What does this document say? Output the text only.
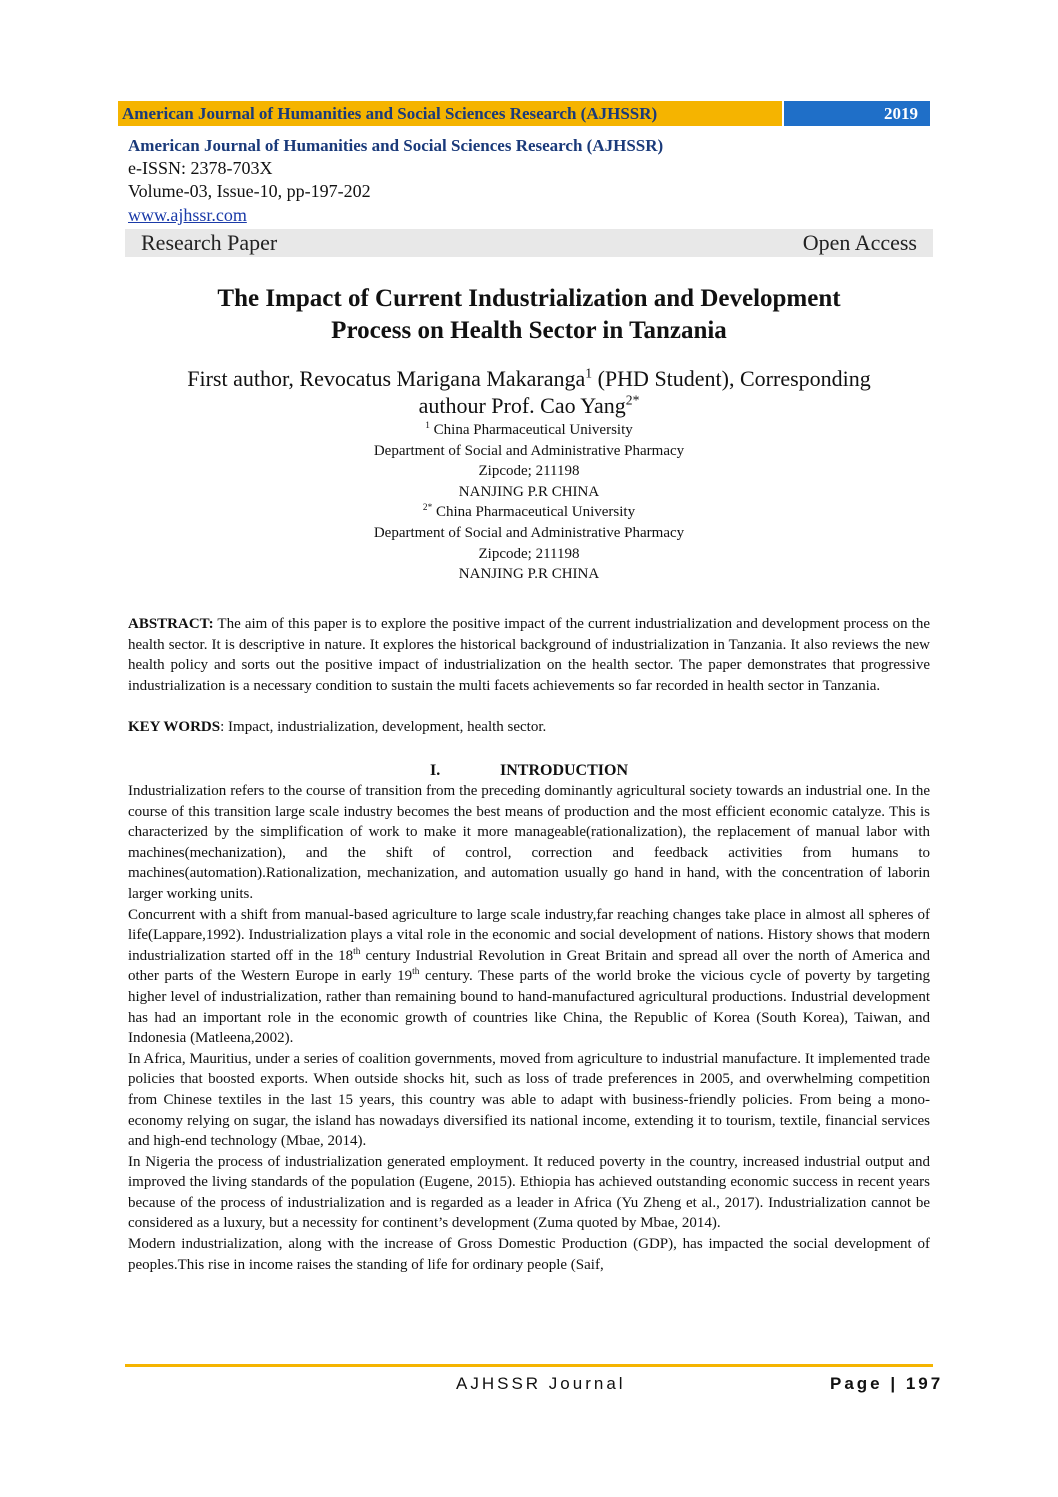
American Journal of Humanities and Social Sciences Research (AJHSSR)	2019
American Journal of Humanities and Social Sciences Research (AJHSSR)
e-ISSN: 2378-703X
Volume-03, Issue-10, pp-197-202
www.ajhssr.com
Research Paper	Open Access
The Impact of Current Industrialization and Development
Process on Health Sector in Tanzania
First author, Revocatus Marigana Makaranga$^1$ (PHD Student), Corresponding
authour Prof. Cao Yang$^{2*}$
$^1$ China Pharmaceutical University
Department of Social and Administrative Pharmacy
Zipcode; 211198
NANJING P.R CHINA
$^{2*}$ China Pharmaceutical University
Department of Social and Administrative Pharmacy
Zipcode; 211198
NANJING P.R CHINA
ABSTRACT: The aim of this paper is to explore the positive impact of the current industrialization and development process on the health sector. It is descriptive in nature. It explores the historical background of industrialization in Tanzania. It also reviews the new health policy and sorts out the positive impact of industrialization on the health sector. The paper demonstrates that progressive industrialization is a necessary condition to sustain the multi facets achievements so far recorded in health sector in Tanzania.
KEY WORDS: Impact, industrialization, development, health sector.
I.	INTRODUCTION

Industrialization refers to the course of transition from the preceding dominantly agricultural society towards an industrial one. In the course of this transition large scale industry becomes the best means of production and the most efficient economic catalyze. This is characterized by the simplification of work to make it more manageable(rationalization), the replacement of manual labor with machines(mechanization), and the shift of control, correction and feedback activities from humans to machines(automation).Rationalization, mechanization, and automation usually go hand in hand, with the concentration of laborin larger working units.

Concurrent with a shift from manual-based agriculture to large scale industry,far reaching changes take place in almost all spheres of life(Lappare,1992). Industrialization plays a vital role in the economic and social development of nations. History shows that modern industrialization started off in the 18th century Industrial Revolution in Great Britain and spread all over the north of America and other parts of the Western Europe in early 19th century. These parts of the world broke the vicious cycle of poverty by targeting higher level of industrialization, rather than remaining bound to hand-manufactured agricultural productions. Industrial development has had an important role in the economic growth of countries like China, the Republic of Korea (South Korea), Taiwan, and Indonesia (Matleena,2002).

In Africa, Mauritius, under a series of coalition governments, moved from agriculture to industrial manufacture. It implemented trade policies that boosted exports. When outside shocks hit, such as loss of trade preferences in 2005, and overwhelming competition from Chinese textiles in the last 15 years, this country was able to adapt with business-friendly policies. From being a mono-economy relying on sugar, the island has nowadays diversified its national income, extending it to tourism, textile, financial services and high-end technology (Mbae, 2014).

In Nigeria the process of industrialization generated employment. It reduced poverty in the country, increased industrial output and improved the living standards of the population (Eugene, 2015). Ethiopia has achieved outstanding economic success in recent years because of the process of industrialization and is regarded as a leader in Africa (Yu Zheng et al., 2017). Industrialization cannot be considered as a luxury, but a necessity for continent’s development (Zuma quoted by Mbae, 2014).

Modern industrialization, along with the increase of Gross Domestic Production (GDP), has impacted the social development of peoples.This rise in income raises the standing of life for ordinary people (Saif,

AJHSSR Journal	Page | 197
